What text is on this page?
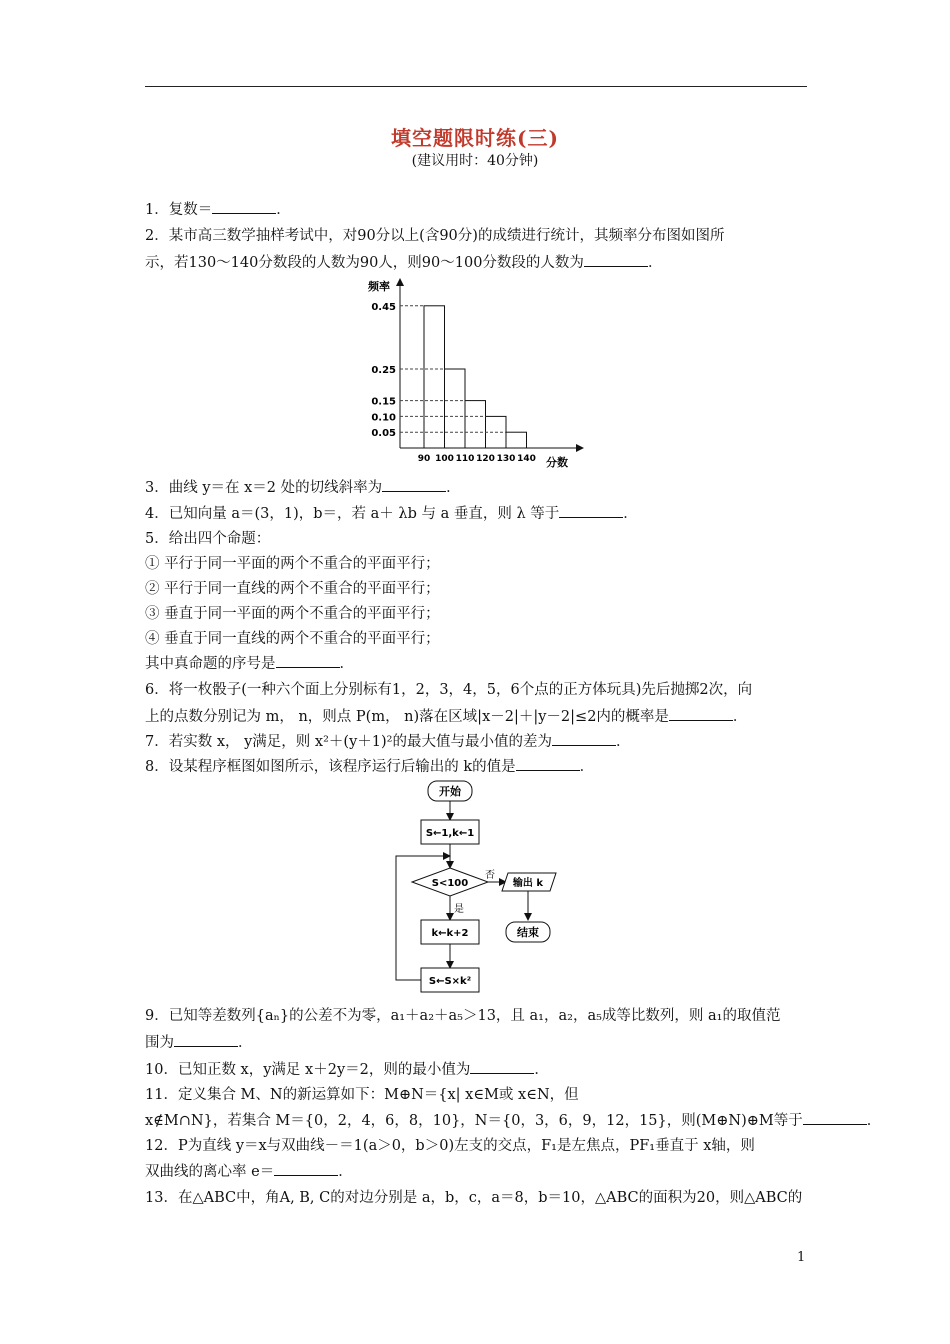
填空题限时练(三)
(建议用时：40分钟)
1．复数＝	．
2．某市高三数学抽样考试中，对90分以上(含90分)的成绩进行统计，其频率分布图如图所
示，若130～140分数段的人数为90人，则90～100分数段的人数为	．
3．曲线 y＝在 x＝2 处的切线斜率为	．
4．已知向量 a＝(3，1)，b＝，若 a＋ λb 与 a 垂直，则 λ 等于	．
5．给出四个命题：
① 平行于同一平面的两个不重合的平面平行；
② 平行于同一直线的两个不重合的平面平行；
③ 垂直于同一平面的两个不重合的平面平行；
④ 垂直于同一直线的两个不重合的平面平行；
其中真命题的序号是	．
6．将一枚骰子(一种六个面上分别标有1，2，3，4，5，6个点的正方体玩具)先后抛掷2次，向
上的点数分别记为 m， n，则点 P(m， n)落在区域|x－2|＋|y－2|≤2内的概率是	．
7．若实数 x， y满足，则 x²＋(y＋1)²的最大值与最小值的差为	．
8．设某程序框图如图所示，该程序运行后输出的 k的值是	．
9．已知等差数列{aₙ}的公差不为零，a₁＋a₂＋a₅＞13，且 a₁，a₂，a₅成等比数列，则 a₁的取值范
围为	．
10．已知正数 x，y满足 x＋2y＝2，则的最小值为	．
11．定义集合 M、N的新运算如下：M⊕N＝{x| x∈M或 x∈N，但
x∉M∩N}，若集合 M＝{0，2，4，6，8，10}，N＝{0，3，6，9，12，15}，则(M⊕N)⊕M等于	．
12．P为直线 y＝x与双曲线－＝1(a＞0，b＞0)左支的交点，F₁是左焦点，PF₁垂直于 x轴，则
双曲线的离心率 e＝	．
13．在△ABC中，角A, B, C的对边分别是 a，b，c，a＝8，b＝10，△ABC的面积为20，则△ABC的
频率
分数
0.45
0.25
0.15
0.10
0.05
90 100 110 120 130 140
开始
S←1,k←1
S<100
否
输出 k
结束
是
k←k+2
S←S×k²
1
